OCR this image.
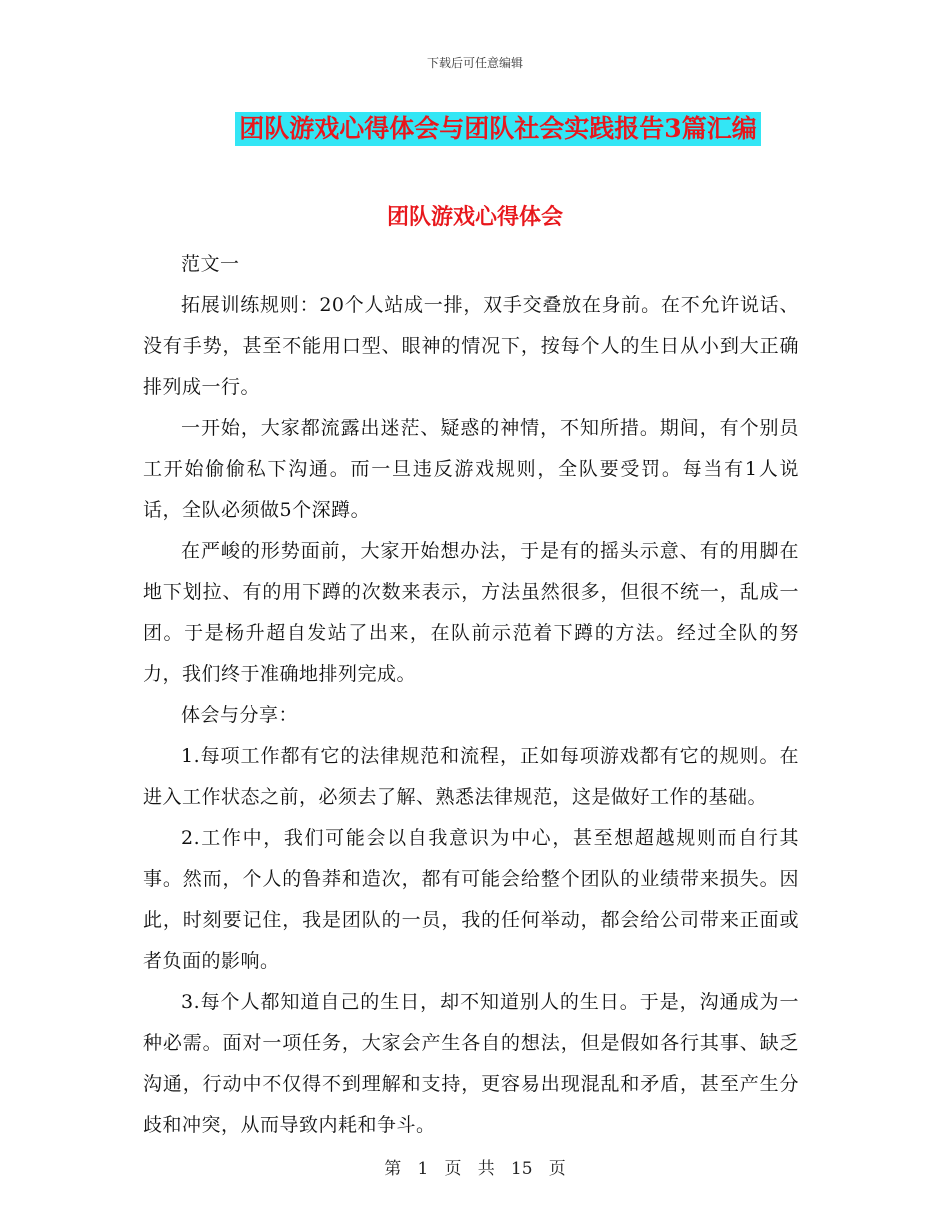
下载后可任意编辑
团队游戏心得体会与团队社会实践报告3篇汇编
团队游戏心得体会

范文一

拓展训练规则：20个人站成一排，双手交叠放在身前。在不允许说话、没有手势，甚至不能用口型、眼神的情况下，按每个人的生日从小到大正确排列成一行。

一开始，大家都流露出迷茫、疑惑的神情，不知所措。期间，有个别员工开始偷偷私下沟通。而一旦违反游戏规则，全队要受罚。每当有1人说话，全队必须做5个深蹲。

在严峻的形势面前，大家开始想办法，于是有的摇头示意、有的用脚在地下划拉、有的用下蹲的次数来表示，方法虽然很多，但很不统一，乱成一团。于是杨升超自发站了出来，在队前示范着下蹲的方法。经过全队的努力，我们终于准确地排列完成。

体会与分享：

1.每项工作都有它的法律规范和流程，正如每项游戏都有它的规则。在进入工作状态之前，必须去了解、熟悉法律规范，这是做好工作的基础。

2.工作中，我们可能会以自我意识为中心，甚至想超越规则而自行其事。然而，个人的鲁莽和造次，都有可能会给整个团队的业绩带来损失。因此，时刻要记住，我是团队的一员，我的任何举动，都会给公司带来正面或者负面的影响。

3.每个人都知道自己的生日，却不知道别人的生日。于是，沟通成为一种必需。面对一项任务，大家会产生各自的想法，但是假如各行其事、缺乏沟通，行动中不仅得不到理解和支持，更容易出现混乱和矛盾，甚至产生分歧和冲突，从而导致内耗和争斗。

第 1 页 共 15 页
